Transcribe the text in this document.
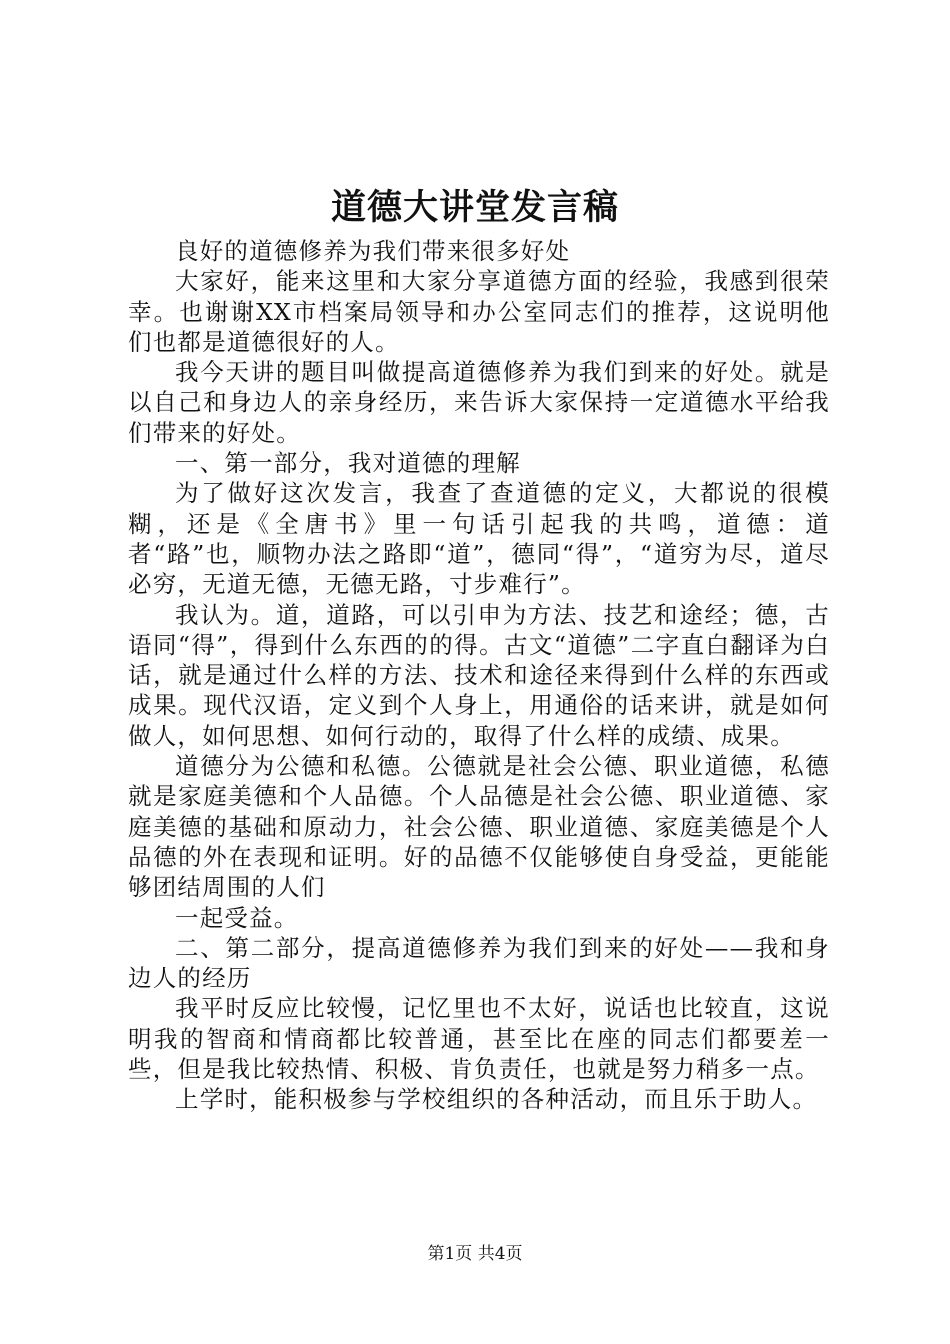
道德大讲堂发言稿

良好的道德修养为我们带来很多好处

大家好，能来这里和大家分享道德方面的经验，我感到很荣幸。也谢谢XX市档案局领导和办公室同志们的推荐，这说明他们也都是道德很好的人。

我今天讲的题目叫做提高道德修养为我们到来的好处。就是以自己和身边人的亲身经历，来告诉大家保持一定道德水平给我们带来的好处。

一、第一部分，我对道德的理解

为了做好这次发言，我查了查道德的定义，大都说的很模糊，还是《全唐书》里一句话引起我的共鸣，道德：道者“路”也，顺物办法之路即“道”，德同“得”，“道穷为尽，道尽必穷，无道无德，无德无路，寸步难行”。

我认为。道，道路，可以引申为方法、技艺和途经；德，古语同“得”，得到什么东西的的得。古文“道德”二字直白翻译为白话，就是通过什么样的方法、技术和途径来得到什么样的东西或成果。现代汉语，定义到个人身上，用通俗的话来讲，就是如何做人，如何思想、如何行动的，取得了什么样的成绩、成果。

道德分为公德和私德。公德就是社会公德、职业道德，私德就是家庭美德和个人品德。个人品德是社会公德、职业道德、家庭美德的基础和原动力，社会公德、职业道德、家庭美德是个人品德的外在表现和证明。好的品德不仅能够使自身受益，更能能够团结周围的人们

一起受益。

二、第二部分，提高道德修养为我们到来的好处——我和身边人的经历

我平时反应比较慢，记忆里也不太好，说话也比较直，这说明我的智商和情商都比较普通，甚至比在座的同志们都要差一些，但是我比较热情、积极、肯负责任，也就是努力稍多一点。

上学时，能积极参与学校组织的各种活动，而且乐于助人。

第1页 共4页
